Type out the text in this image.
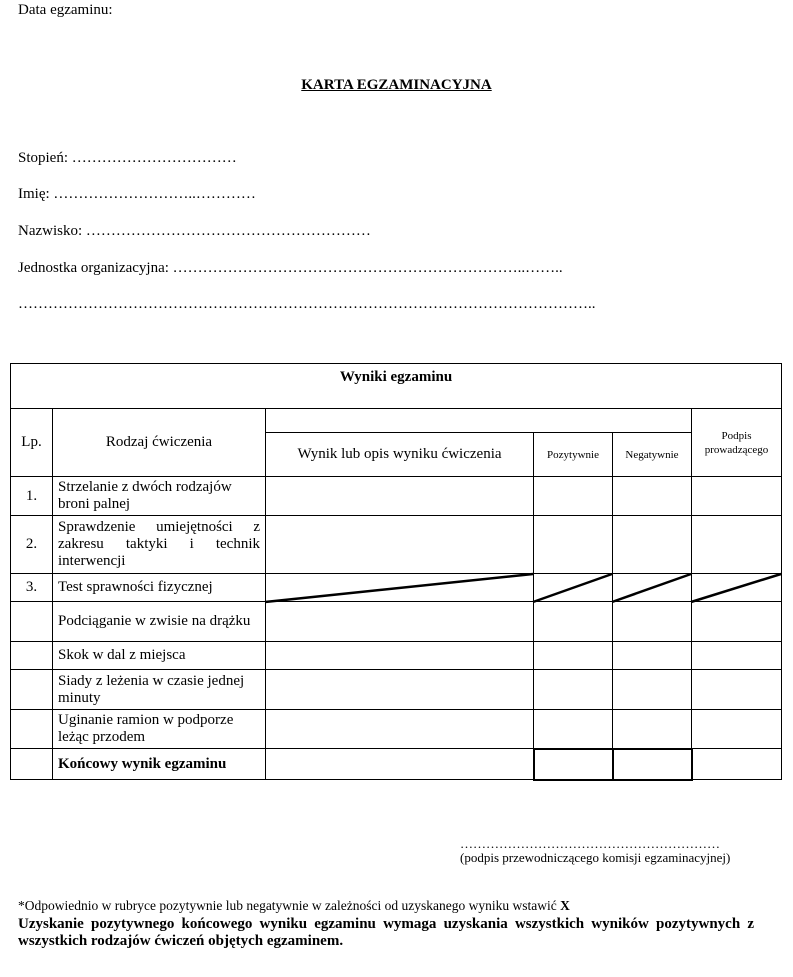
Data egzaminu:
KARTA EGZAMINACYJNA
Stopień: ……………………………
Imię: ………………………..…………
Nazwisko: …………………………………………………
Jednostka organizacyjna: ……………………………………………………………..……..
……………………………………………………………………………………………………..
Wyniki egzaminu					
Lp.	Rodzaj ćwiczenia				Podpis prowadzącego
		Wynik lub opis wyniku ćwiczenia	Pozytywnie	Negatywnie	
1.	Strzelanie z dwóch rodzajów broni palnej				
2.	Sprawdzenie umiejętności z zakresu taktyki i technik interwencji				
3.	Test sprawności fizycznej				
	Podciąganie w zwisie na drążku				
	Skok w dal z miejsca				
	Siady z leżenia w czasie jednej minuty				
	Uginanie ramion w podporze leżąc przodem				
	Końcowy wynik egzaminu				
……………………………………………………
(podpis przewodniczącego komisji egzaminacyjnej)
*Odpowiednio w rubryce pozytywnie lub negatywnie w zależności od uzyskanego wyniku wstawić X
Uzyskanie pozytywnego końcowego wyniku egzaminu wymaga uzyskania wszystkich wyników pozytywnych z wszystkich rodzajów ćwiczeń objętych egzaminem.
